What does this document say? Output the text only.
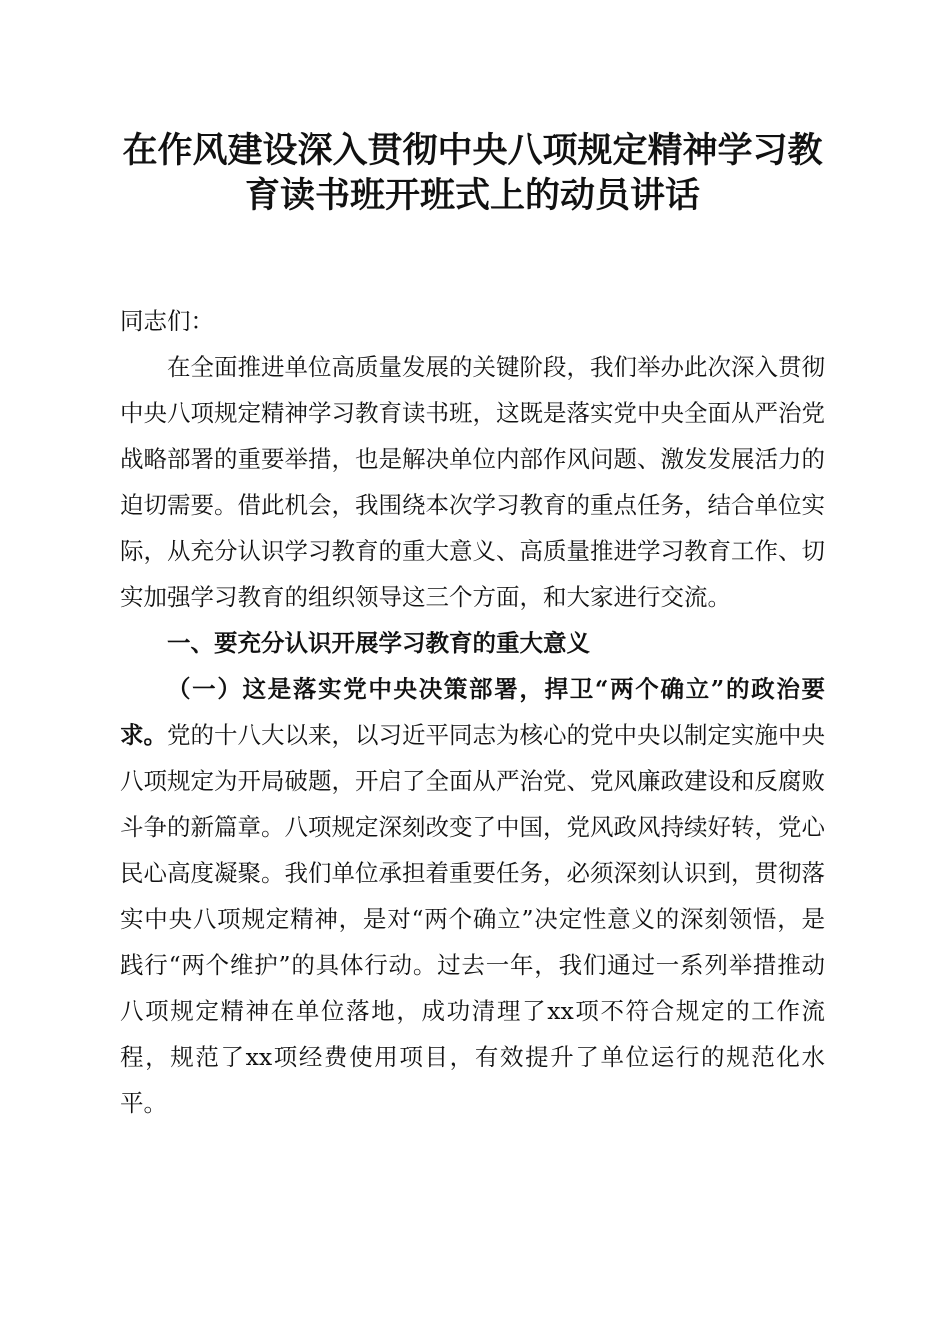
在作风建设深入贯彻中央八项规定精神学习教
育读书班开班式上的动员讲话

同志们：

在全面推进单位高质量发展的关键阶段，我们举办此次深入贯彻中央八项规定精神学习教育读书班，这既是落实党中央全面从严治党战略部署的重要举措，也是解决单位内部作风问题、激发发展活力的迫切需要。借此机会，我围绕本次学习教育的重点任务，结合单位实际，从充分认识学习教育的重大意义、高质量推进学习教育工作、切实加强学习教育的组织领导这三个方面，和大家进行交流。

一、要充分认识开展学习教育的重大意义

（一）这是落实党中央决策部署，捍卫“两个确立”的政治要求。党的十八大以来，以习近平同志为核心的党中央以制定实施中央八项规定为开局破题，开启了全面从严治党、党风廉政建设和反腐败斗争的新篇章。八项规定深刻改变了中国，党风政风持续好转，党心民心高度凝聚。我们单位承担着重要任务，必须深刻认识到，贯彻落实中央八项规定精神，是对“两个确立”决定性意义的深刻领悟，是践行“两个维护”的具体行动。过去一年，我们通过一系列举措推动八项规定精神在单位落地，成功清理了xx项不符合规定的工作流程，规范了xx项经费使用项目，有效提升了单位运行的规范化水平。
